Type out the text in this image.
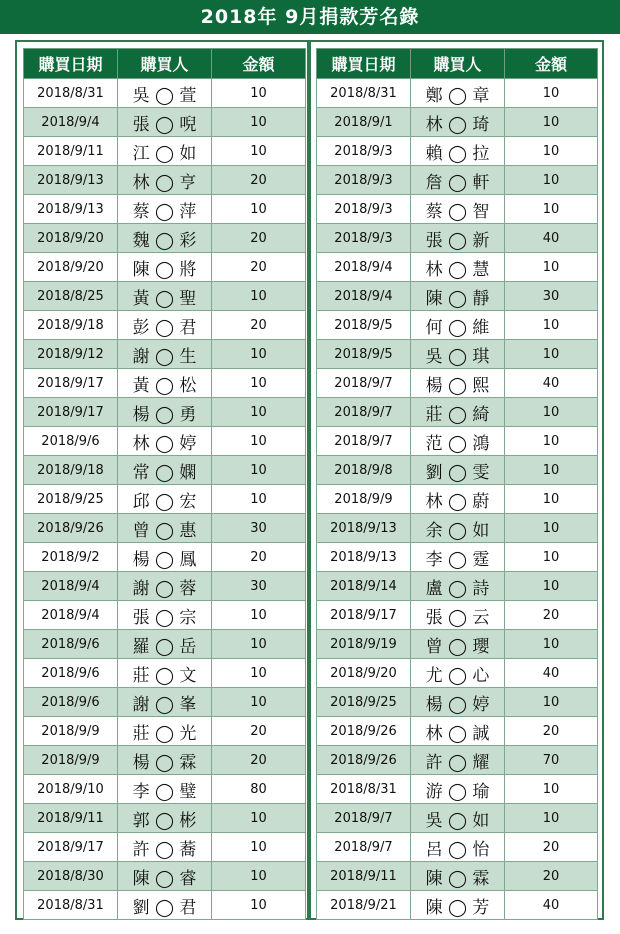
2018年 9月捐款芳名錄
購買日期	購買人	金額
2018/8/31	吳 ◯ 萱	10
2018/9/4	張 ◯ 唲	10
2018/9/11	江 ◯ 如	10
2018/9/13	林 ◯ 亨	20
2018/9/13	蔡 ◯ 萍	10
2018/9/20	魏 ◯ 彩	20
2018/9/20	陳 ◯ 將	20
2018/8/25	黃 ◯ 聖	10
2018/9/18	彭 ◯ 君	20
2018/9/12	謝 ◯ 生	10
2018/9/17	黃 ◯ 松	10
2018/9/17	楊 ◯ 勇	10
2018/9/6	林 ◯ 婷	10
2018/9/18	常 ◯ 嫻	10
2018/9/25	邱 ◯ 宏	10
2018/9/26	曾 ◯ 惠	30
2018/9/2	楊 ◯ 鳳	20
2018/9/4	謝 ◯ 蓉	30
2018/9/4	張 ◯ 宗	10
2018/9/6	羅 ◯ 岳	10
2018/9/6	莊 ◯ 文	10
2018/9/6	謝 ◯ 峯	10
2018/9/9	莊 ◯ 光	20
2018/9/9	楊 ◯ 霖	20
2018/9/10	李 ◯ 璧	80
2018/9/11	郭 ◯ 彬	10
2018/9/17	許 ◯ 蕎	10
2018/8/30	陳 ◯ 睿	10
2018/8/31	劉 ◯ 君	10
購買日期	購買人	金額
2018/8/31	鄭 ◯ 章	10
2018/9/1	林 ◯ 琦	10
2018/9/3	賴 ◯ 拉	10
2018/9/3	詹 ◯ 軒	10
2018/9/3	蔡 ◯ 智	10
2018/9/3	張 ◯ 新	40
2018/9/4	林 ◯ 慧	10
2018/9/4	陳 ◯ 靜	30
2018/9/5	何 ◯ 維	10
2018/9/5	吳 ◯ 琪	10
2018/9/7	楊 ◯ 熙	40
2018/9/7	莊 ◯ 綺	10
2018/9/7	范 ◯ 鴻	10
2018/9/8	劉 ◯ 雯	10
2018/9/9	林 ◯ 蔚	10
2018/9/13	余 ◯ 如	10
2018/9/13	李 ◯ 霆	10
2018/9/14	盧 ◯ 詩	10
2018/9/17	張 ◯ 云	20
2018/9/19	曾 ◯ 瓔	10
2018/9/20	尤 ◯ 心	40
2018/9/25	楊 ◯ 婷	10
2018/9/26	林 ◯ 誠	20
2018/9/26	許 ◯ 耀	70
2018/8/31	游 ◯ 瑜	10
2018/9/7	吳 ◯ 如	10
2018/9/7	呂 ◯ 怡	20
2018/9/11	陳 ◯ 霖	20
2018/9/21	陳 ◯ 芳	40
